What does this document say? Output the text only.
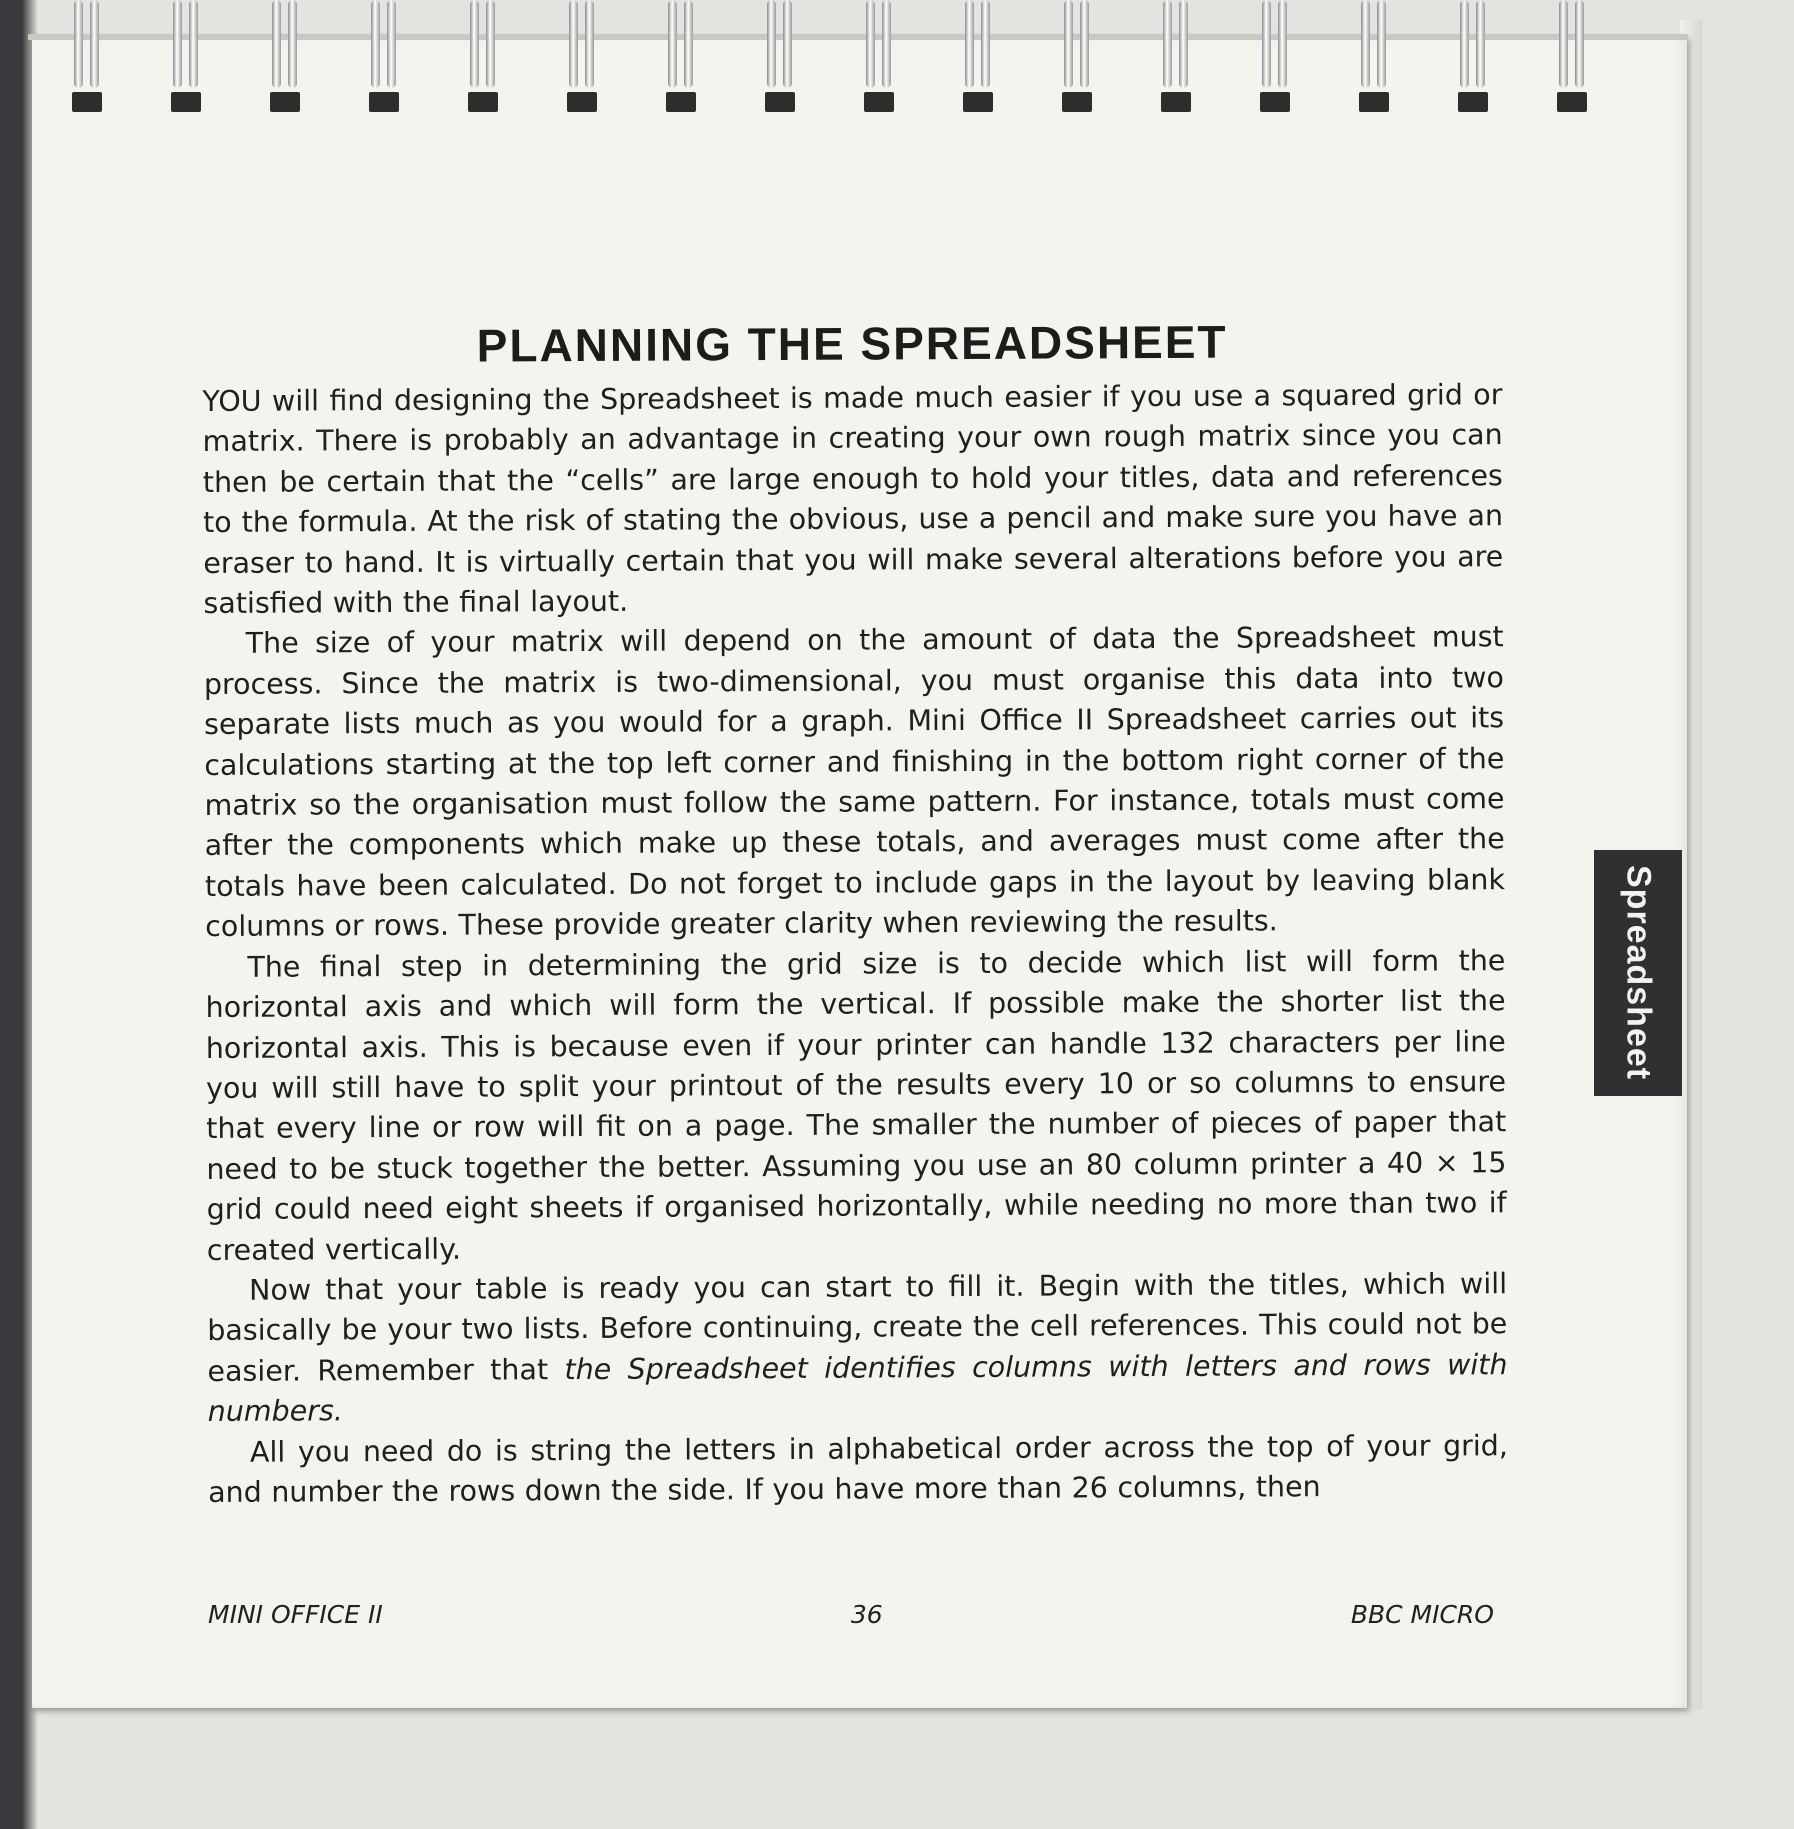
Spreadsheet
PLANNING THE SPREADSHEET

YOU will find designing the Spreadsheet is made much easier if you use a squared grid or matrix. There is probably an advantage in creating your own rough matrix since you can then be certain that the “cells” are large enough to hold your titles, data and references to the formula. At the risk of stating the obvious, use a pencil and make sure you have an eraser to hand. It is virtually certain that you will make several alterations before you are satisfied with the final layout.

The size of your matrix will depend on the amount of data the Spreadsheet must process. Since the matrix is two-dimensional, you must organise this data into two separate lists much as you would for a graph. Mini Office II Spreadsheet carries out its calculations starting at the top left corner and finishing in the bottom right corner of the matrix so the organisation must follow the same pattern. For instance, totals must come after the components which make up these totals, and averages must come after the totals have been calculated. Do not forget to include gaps in the layout by leaving blank columns or rows. These provide greater clarity when reviewing the results.

The final step in determining the grid size is to decide which list will form the horizontal axis and which will form the vertical. If possible make the shorter list the horizontal axis. This is because even if your printer can handle 132 characters per line you will still have to split your printout of the results every 10 or so columns to ensure that every line or row will fit on a page. The smaller the number of pieces of paper that need to be stuck together the better. Assuming you use an 80 column printer a 40 × 15 grid could need eight sheets if organised horizontally, while needing no more than two if created vertically.

Now that your table is ready you can start to fill it. Begin with the titles, which will basically be your two lists. Before continuing, create the cell references. This could not be easier. Remember that the Spreadsheet identifies columns with letters and rows with numbers.

All you need do is string the letters in alphabetical order across the top of your grid, and number the rows down the side. If you have more than 26 columns, then

MINI OFFICE II	36	BBC MICRO
